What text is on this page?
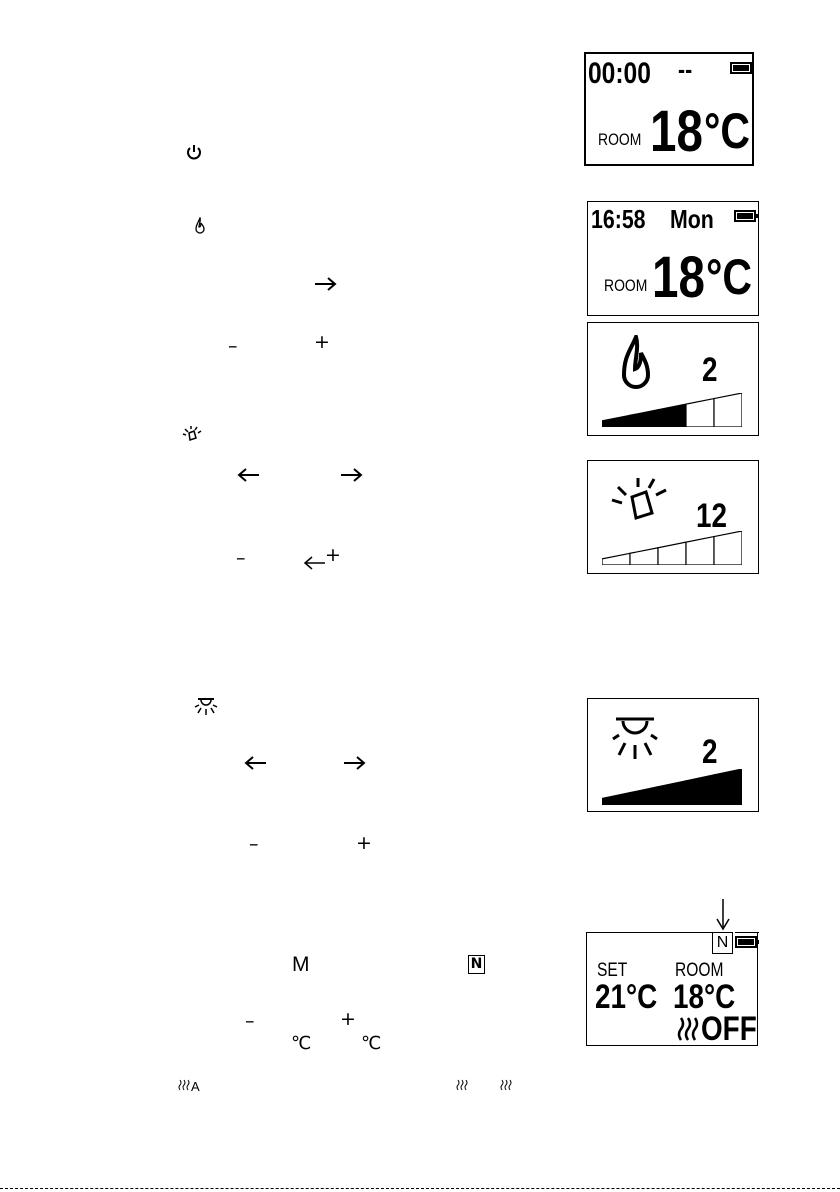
–	+
–	+
–	+
M	N
–	+
℃	℃
A
00:00 --
ROOM 18 °C
16:58 Mon
ROOM 18 °C
2
12
2
N
SET
21°C
ROOM
18°C
OFF
